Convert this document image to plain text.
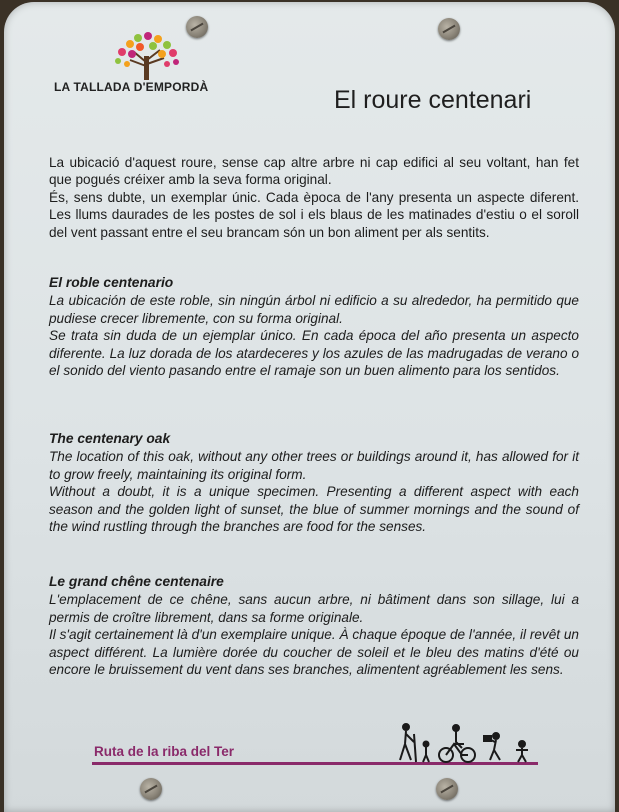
LA TALLADA D'EMPORDÀ	El roure centenari

La ubicació d'aquest roure, sense cap altre arbre ni cap edifici al seu voltant, han fet que pogués créixer amb la seva forma original.

És, sens dubte, un exemplar únic. Cada època de l'any presenta un aspecte diferent. Les llums daurades de les postes de sol i els blaus de les matinades d'estiu o el soroll del vent passant entre el seu brancam són un bon aliment per als sentits.

El roble centenario

La ubicación de este roble, sin ningún árbol ni edificio a su alrededor, ha permitido que pudiese crecer libremente, con su forma original.

Se trata sin duda de un ejemplar único. En cada época del año presenta un aspecto diferente. La luz dorada de los atardeceres y los azules de las madrugadas de verano o el sonido del viento pasando entre el ramaje son un buen alimento para los sentidos.

The centenary oak

The location of this oak, without any other trees or buildings around it, has allowed for it to grow freely, maintaining its original form.

Without a doubt, it is a unique specimen. Presenting a different aspect with each season and the golden light of sunset, the blue of summer mornings and the sound of the wind rustling through the branches are food for the senses.

Le grand chêne centenaire

L'emplacement de ce chêne, sans aucun arbre, ni bâtiment dans son sillage, lui a permis de croître librement, dans sa forme originale.

Il s'agit certainement là d'un exemplaire unique. À chaque époque de l'année, il revêt un aspect différent. La lumière dorée du coucher de soleil et le bleu des matins d'été ou encore le bruissement du vent dans ses branches, alimentent agréablement les sens.

Ruta de la riba del Ter
